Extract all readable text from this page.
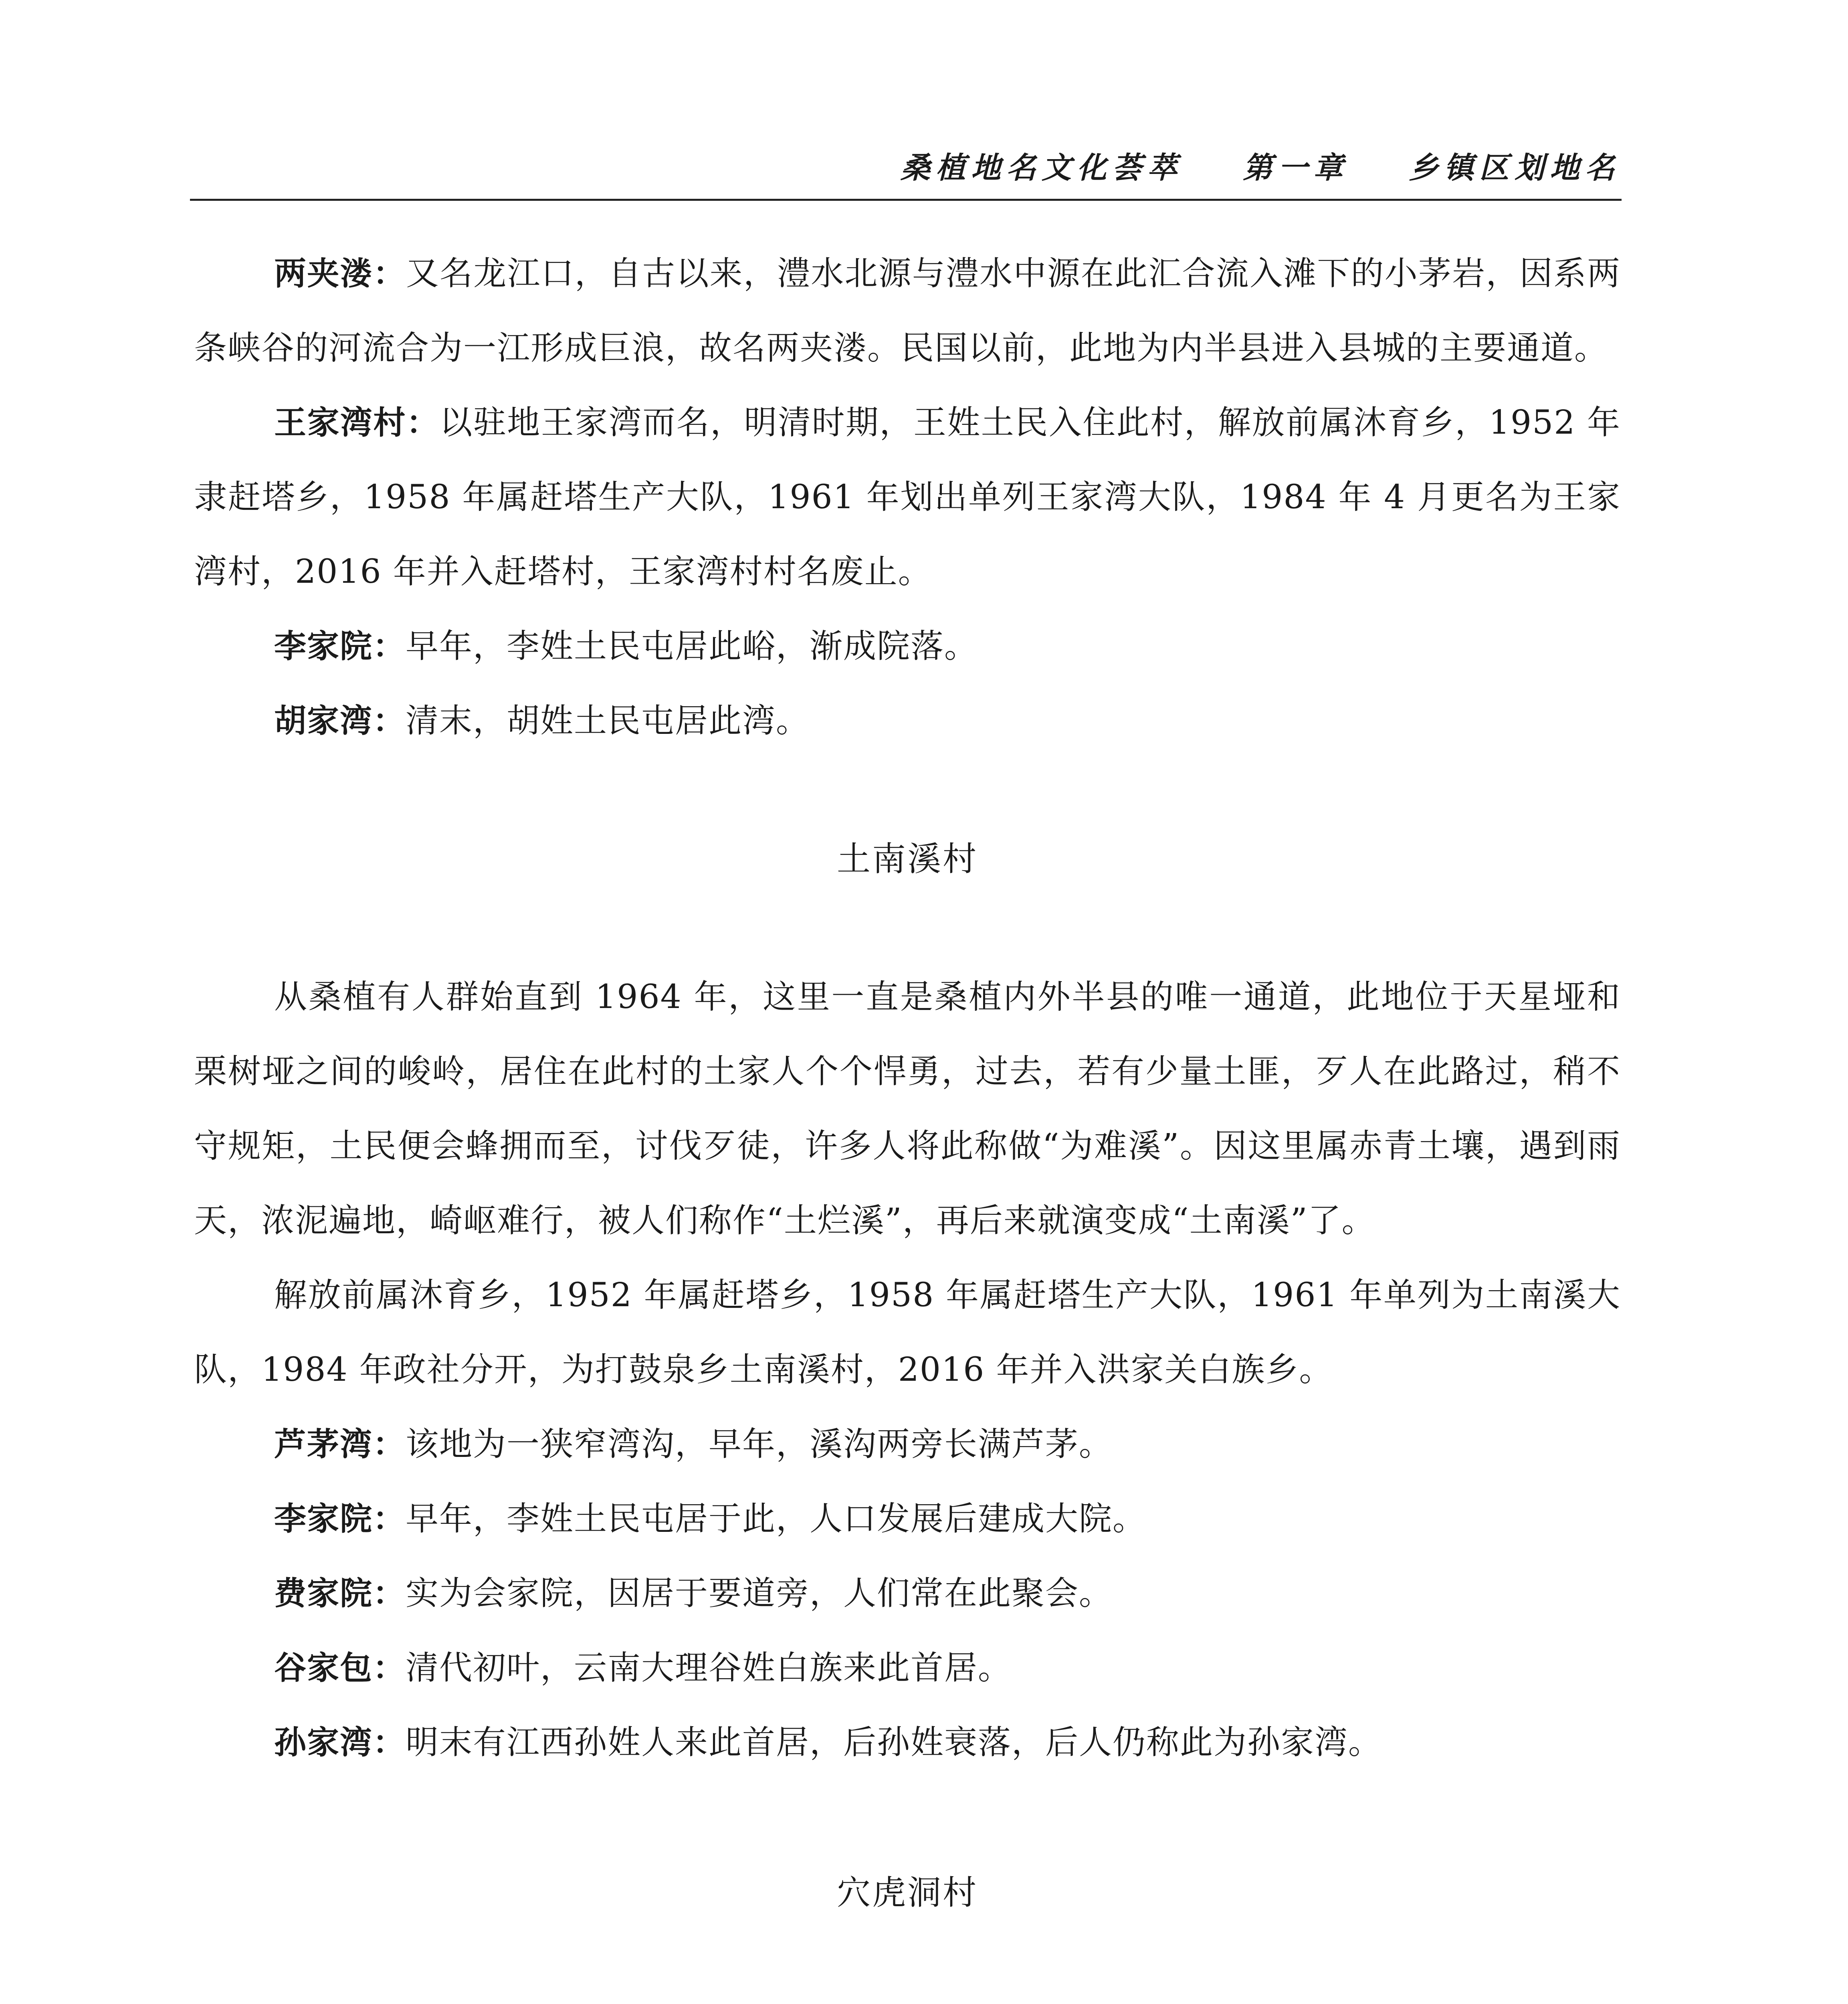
桑植地名文化荟萃 第一章 乡镇区划地名

两夹溇：又名龙江口，自古以来，澧水北源与澧水中源在此汇合流入滩下的小茅岩，因系两条峡谷的河流合为一江形成巨浪，故名两夹溇。民国以前，此地为内半县进入县城的主要通道。

王家湾村：以驻地王家湾而名，明清时期，王姓土民入住此村，解放前属沐育乡，1952 年隶赶塔乡，1958 年属赶塔生产大队，1961 年划出单列王家湾大队，1984 年 4 月更名为王家湾村，2016 年并入赶塔村，王家湾村村名废止。

李家院：早年，李姓土民屯居此峪，渐成院落。

胡家湾：清末，胡姓土民屯居此湾。

土南溪村

从桑植有人群始直到 1964 年，这里一直是桑植内外半县的唯一通道，此地位于天星垭和栗树垭之间的峻岭，居住在此村的土家人个个悍勇，过去，若有少量土匪，歹人在此路过，稍不守规矩，土民便会蜂拥而至，讨伐歹徒，许多人将此称做“为难溪”。因这里属赤青土壤，遇到雨天，浓泥遍地，崎岖难行，被人们称作“土烂溪”，再后来就演变成“土南溪”了。

解放前属沐育乡，1952 年属赶塔乡，1958 年属赶塔生产大队，1961 年单列为土南溪大队，1984 年政社分开，为打鼓泉乡土南溪村，2016 年并入洪家关白族乡。

芦茅湾：该地为一狭窄湾沟，早年，溪沟两旁长满芦茅。

李家院：早年，李姓土民屯居于此，人口发展后建成大院。

费家院：实为会家院，因居于要道旁，人们常在此聚会。

谷家包：清代初叶，云南大理谷姓白族来此首居。

孙家湾：明末有江西孙姓人来此首居，后孙姓衰落，后人仍称此为孙家湾。

穴虎洞村
